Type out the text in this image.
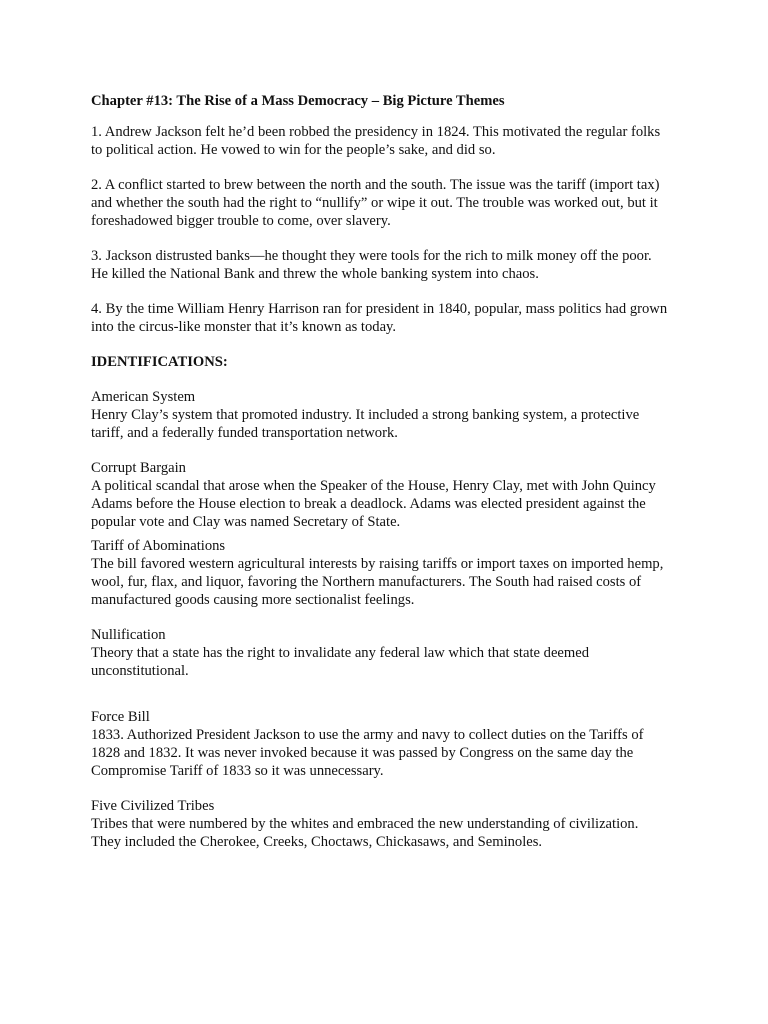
Chapter #13: The Rise of a Mass Democracy – Big Picture Themes

1. Andrew Jackson felt he’d been robbed the presidency in 1824. This motivated the regular folks to political action. He vowed to win for the people’s sake, and did so.

2. A conflict started to brew between the north and the south. The issue was the tariff (import tax) and whether the south had the right to “nullify” or wipe it out. The trouble was worked out, but it foreshadowed bigger trouble to come, over slavery.

3. Jackson distrusted banks—he thought they were tools for the rich to milk money off the poor. He killed the National Bank and threw the whole banking system into chaos.

4. By the time William Henry Harrison ran for president in 1840, popular, mass politics had grown into the circus-like monster that it’s known as today.

IDENTIFICATIONS:

American System
Henry Clay’s system that promoted industry. It included a strong banking system, a protective tariff, and a federally funded transportation network.
Corrupt Bargain
A political scandal that arose when the Speaker of the House, Henry Clay, met with John Quincy Adams before the House election to break a deadlock. Adams was elected president against the popular vote and Clay was named Secretary of State.
Tariff of Abominations
The bill favored western agricultural interests by raising tariffs or import taxes on imported hemp, wool, fur, flax, and liquor, favoring the Northern manufacturers. The South had raised costs of manufactured goods causing more sectionalist feelings.
Nullification
Theory that a state has the right to invalidate any federal law which that state deemed unconstitutional.
Force Bill
1833. Authorized President Jackson to use the army and navy to collect duties on the Tariffs of 1828 and 1832. It was never invoked because it was passed by Congress on the same day the Compromise Tariff of 1833 so it was unnecessary.
Five Civilized Tribes
Tribes that were numbered by the whites and embraced the new understanding of civilization. They included the Cherokee, Creeks, Choctaws, Chickasaws, and Seminoles.
